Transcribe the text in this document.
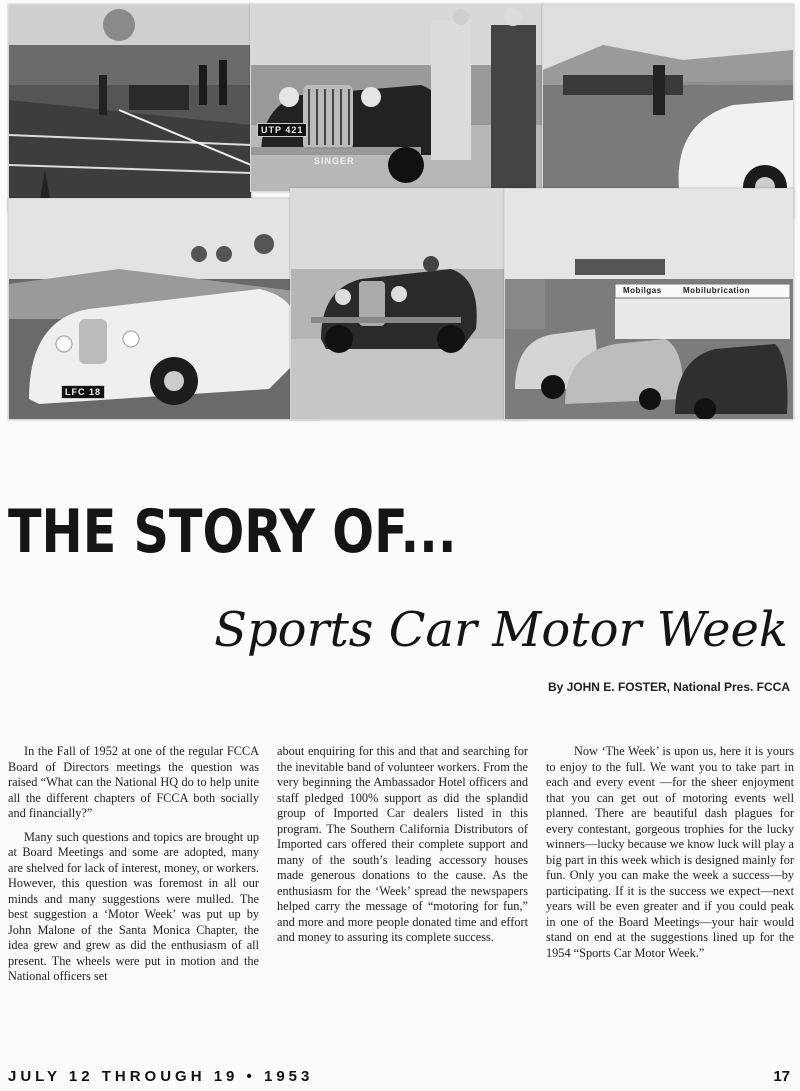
UTP 421
SINGER
LFC 18
Mobilgas	Mobilubrication
THE STORY OF...
Sports Car Motor Week
By JOHN E. FOSTER, National Pres. FCCA

In the Fall of 1952 at one of the regular FCCA Board of Directors meetings the question was raised “What can the National HQ do to help unite all the different chapters of FCCA both socially and financially?”

Many such questions and topics are brought up at Board Meetings and some are adopted, many are shelved for lack of interest, money, or workers. However, this question was foremost in all our minds and many suggestions were mulled. The best suggestion a ‘Motor Week’ was put up by John Malone of the Santa Monica Chapter, the idea grew and grew as did the enthusiasm of all present. The wheels were put in motion and the National officers set

about enquiring for this and that and searching for the inevitable band of volunteer workers. From the very beginning the Ambassador Hotel officers and staff pledged 100% support as did the splandid group of Imported Car dealers listed in this program. The Southern California Distributors of Imported cars offered their complete support and many of the south’s leading accessory houses made generous donations to the cause. As the enthusiasm for the ‘Week’ spread the newspapers helped carry the message of “motoring for fun,” and more and more people donated time and effort and money to assuring its complete success.

Now ‘The Week’ is upon us, here it is yours to enjoy to the full. We want you to take part in each and every event —for the sheer enjoyment that you can get out of motoring events well planned. There are beautiful dash plagues for every contestant, gorgeous trophies for the lucky winners—lucky because we know luck will play a big part in this week which is designed mainly for fun. Only you can make the week a success—by participating. If it is the success we expect—next years will be even greater and if you could peak in one of the Board Meetings—your hair would stand on end at the suggestions lined up for the 1954 “Sports Car Motor Week.”

JULY 12 THROUGH 19 • 1953	17
